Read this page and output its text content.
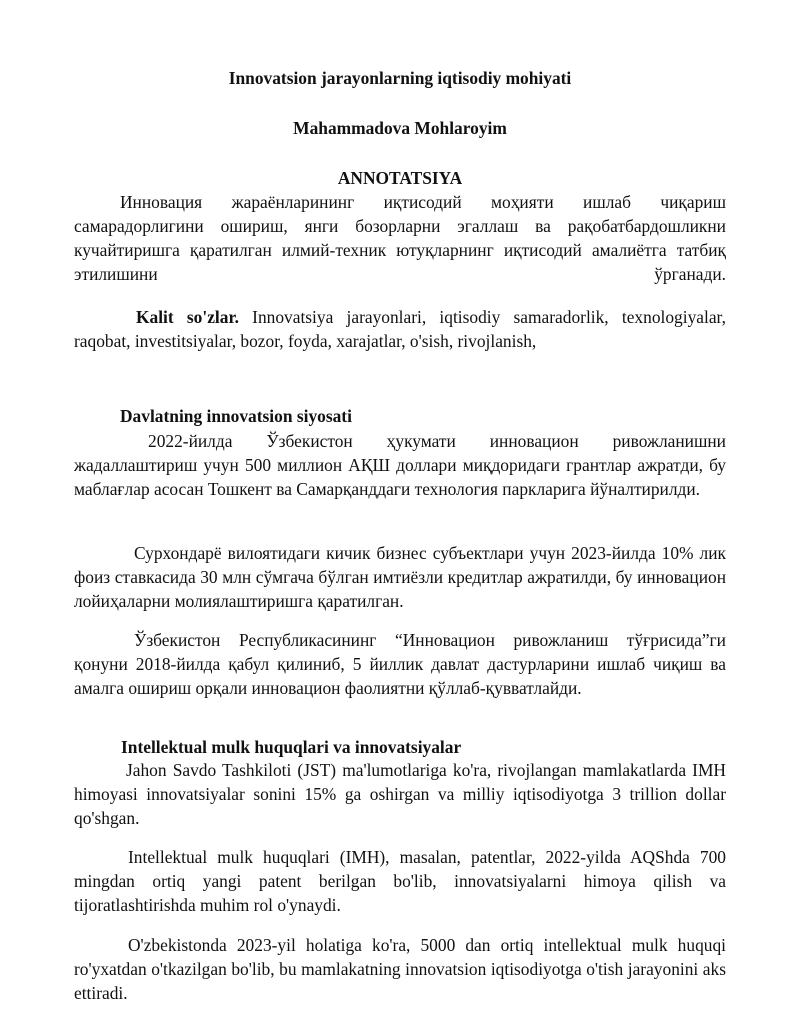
Innovatsion jarayonlarning iqtisodiy mohiyati
Mahammadova Mohlaroyim
ANNOTATSIYA

Инновация жараёнларининг иқтисодий моҳияти ишлаб чиқариш самарадорлигини ошириш, янги бозорларни эгаллаш ва рақобатбардошликни кучайтиришга қаратилган илмий-техник ютуқларнинг иқтисодий амалиётга татбиқ этилишини ўрганади.

Kalit so'zlar. Innovatsiya jarayonlari, iqtisodiy samaradorlik, texnologiyalar, raqobat, investitsiyalar, bozor, foyda, xarajatlar, o'sish, rivojlanish,

Davlatning innovatsion siyosati

2022-йилда Ўзбекистон ҳукумати инновацион ривожланишни жадаллаштириш учун 500 миллион АҚШ доллари миқдоридаги грантлар ажратди, бу маблағлар асосан Тошкент ва Самарқанддаги технология паркларига йўналтирилди.

Сурхондарё вилоятидаги кичик бизнес субъектлари учун 2023-йилда 10% лик фоиз ставкасида 30 млн сўмгача бўлган имтиёзли кредитлар ажратилди, бу инновацион лойиҳаларни молиялаштиришга қаратилган.

Ўзбекистон Республикасининг “Инновацион ривожланиш тўғрисида”ги қонуни 2018-йилда қабул қилиниб, 5 йиллик давлат дастурларини ишлаб чиқиш ва амалга ошириш орқали инновацион фаолиятни қўллаб-қувватлайди.

Intellektual mulk huquqlari va innovatsiyalar

Jahon Savdo Tashkiloti (JST) ma'lumotlariga ko'ra, rivojlangan mamlakatlarda IMH himoyasi innovatsiyalar sonini 15% ga oshirgan va milliy iqtisodiyotga 3 trillion dollar qo'shgan.

Intellektual mulk huquqlari (IMH), masalan, patentlar, 2022-yilda AQShda 700 mingdan ortiq yangi patent berilgan bo'lib, innovatsiyalarni himoya qilish va tijoratlashtirishda muhim rol o'ynaydi.

O'zbekistonda 2023-yil holatiga ko'ra, 5000 dan ortiq intellektual mulk huquqi ro'yxatdan o'tkazilgan bo'lib, bu mamlakatning innovatsion iqtisodiyotga o'tish jarayonini aks ettiradi.
